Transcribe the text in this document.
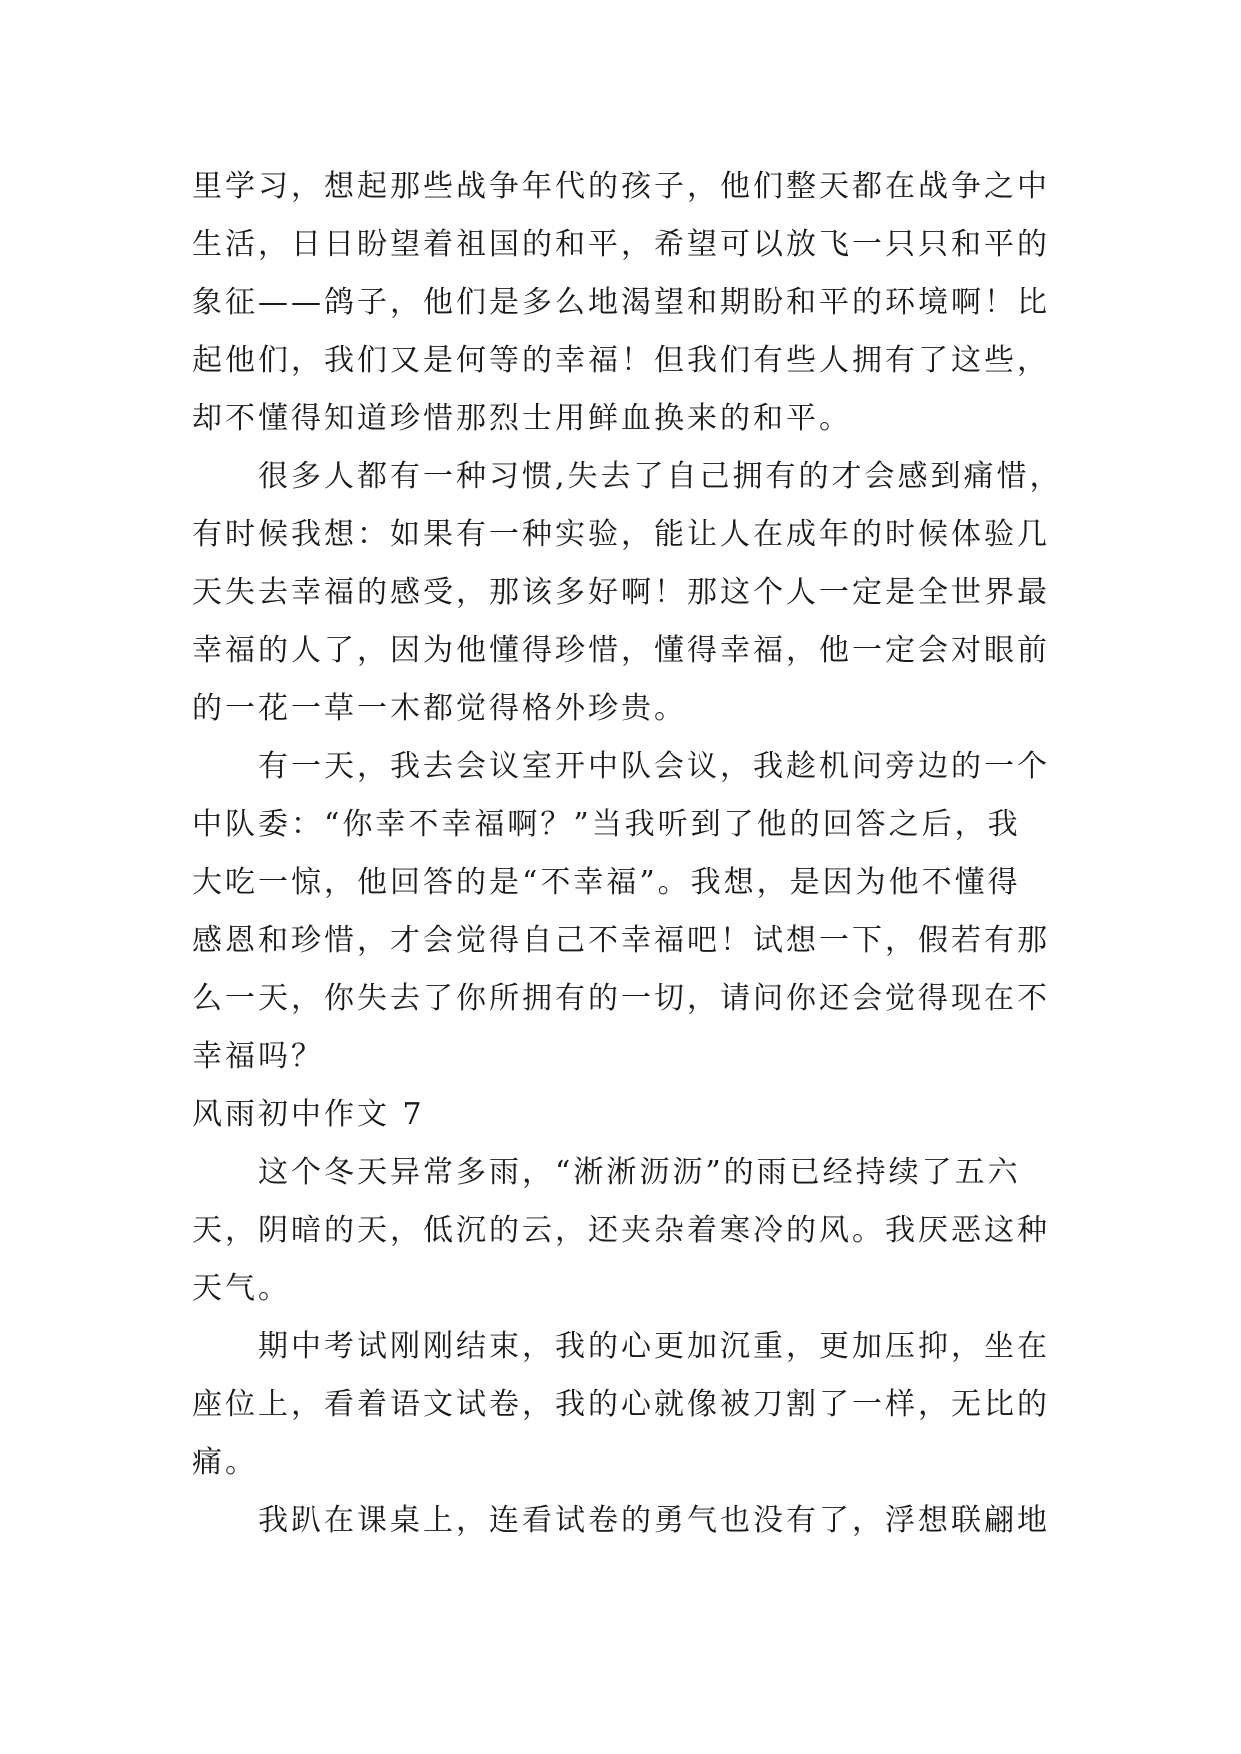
里学习，想起那些战争年代的孩子，他们整天都在战争之中
生活，日日盼望着祖国的和平，希望可以放飞一只只和平的
象征——鸽子，他们是多么地渴望和期盼和平的环境啊！比
起他们，我们又是何等的幸福！但我们有些人拥有了这些，
却不懂得知道珍惜那烈士用鲜血换来的和平。
很多人都有一种习惯,失去了自己拥有的才会感到痛惜，
有时候我想：如果有一种实验，能让人在成年的时候体验几
天失去幸福的感受，那该多好啊！那这个人一定是全世界最
幸福的人了，因为他懂得珍惜，懂得幸福，他一定会对眼前
的一花一草一木都觉得格外珍贵。
有一天，我去会议室开中队会议，我趁机问旁边的一个
中队委：“你幸不幸福啊？”当我听到了他的回答之后，我
大吃一惊，他回答的是“不幸福”。我想，是因为他不懂得
感恩和珍惜，才会觉得自己不幸福吧！试想一下，假若有那
么一天，你失去了你所拥有的一切，请问你还会觉得现在不
幸福吗？
风雨初中作文 7
这个冬天异常多雨，“淅淅沥沥”的雨已经持续了五六
天，阴暗的天，低沉的云，还夹杂着寒冷的风。我厌恶这种
天气。
期中考试刚刚结束，我的心更加沉重，更加压抑，坐在
座位上，看着语文试卷，我的心就像被刀割了一样，无比的
痛。
我趴在课桌上，连看试卷的勇气也没有了，浮想联翩地
